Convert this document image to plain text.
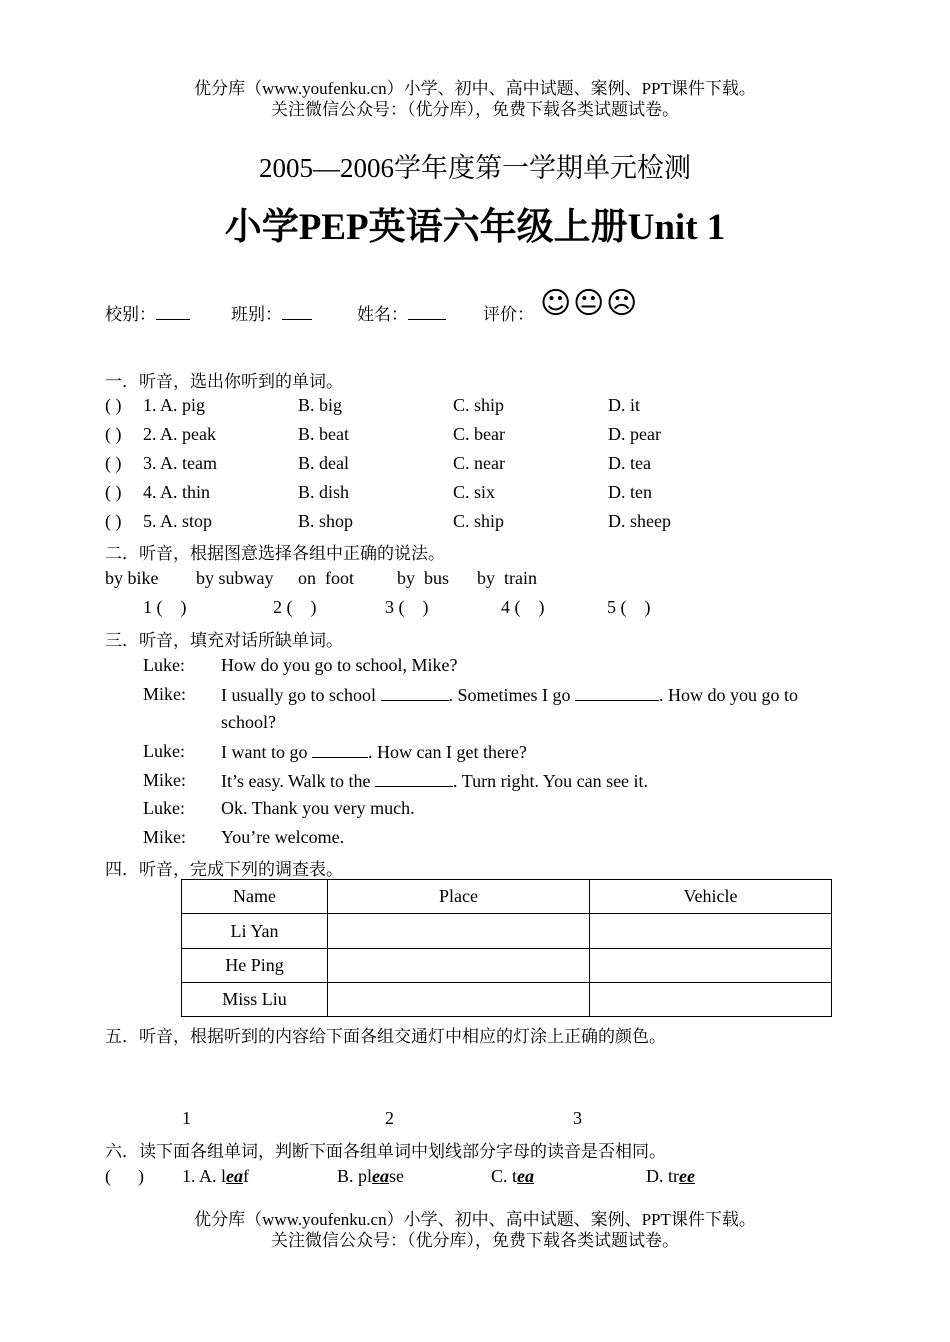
优分库（www.youfenku.cn）小学、初中、高中试题、案例、PPT课件下载。
关注微信公众号：（优分库），免费下载各类试题试卷。
2005—2006学年度第一学期单元检测
小学PEP英语六年级上册Unit 1
校别：	班别：	姓名：	评价： ☺ 😐 ☹
一．听音，选出你听到的单词。
( ) 1. A. pig	B. big	C. ship	D. it
( ) 2. A. peak	B. beat	C. bear	D. pear
( ) 3. A. team	B. deal	C. near	D. tea
( ) 4. A. thin	B. dish	C. six	D. ten
( ) 5. A. stop	B. shop	C. ship	D. sheep
二．听音，根据图意选择各组中正确的说法。
by bike by subway on  foot by  bus by  train
1 (    )	2 (    )	3 (    )	4 (    )	5 (    )
三．听音，填充对话所缺单词。
Luke: How do you go to school, Mike?
Mike: I usually go to school	. Sometimes I go	. How do you go to
school?
Luke: I want to go	. How can I get there?
Mike: It’s easy. Walk to the	. Turn right. You can see it.
Luke: Ok. Thank you very much.
Mike: You’re welcome.
四．听音，完成下列的调查表。
Name	Place	Vehicle
Li Yan		
He Ping		
Miss Liu		
五．听音，根据听到的内容给下面各组交通灯中相应的灯涂上正确的颜色。
1	2	3
六．读下面各组单词，判断下面各组单词中划线部分字母的读音是否相同。
(      ) 1. A. leaf	B. please	C. tea	D. tree
优分库（www.youfenku.cn）小学、初中、高中试题、案例、PPT课件下载。
关注微信公众号：（优分库），免费下载各类试题试卷。
